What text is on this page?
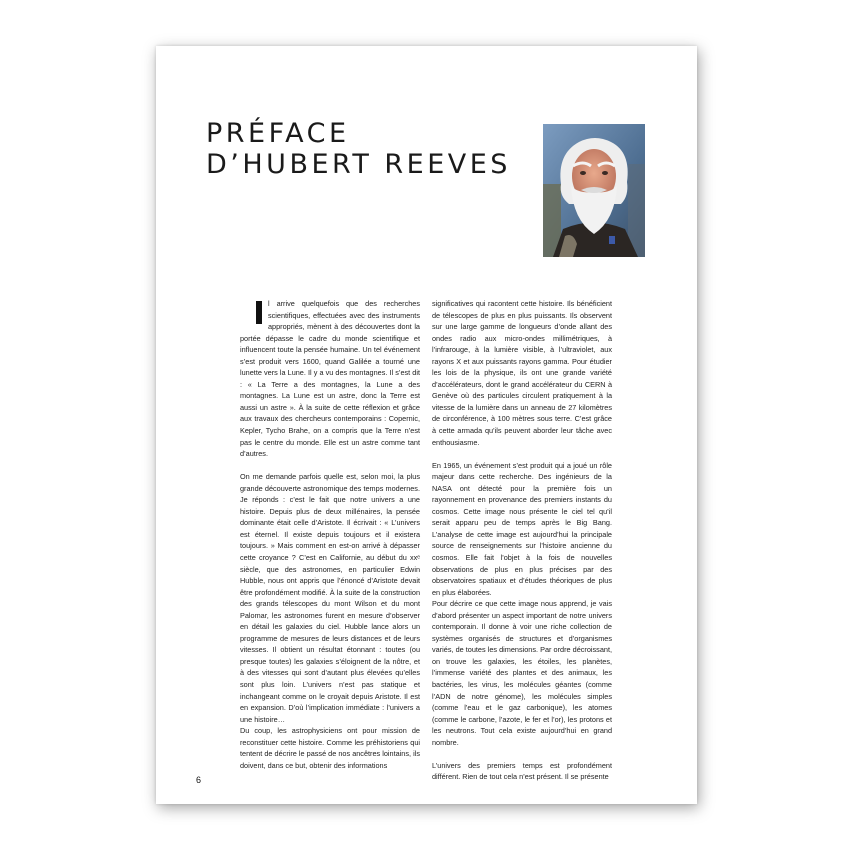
PRÉFACE
D’HUBERT REEVES

l arrive quelquefois que des recherches scientifiques, effectuées avec des instruments appropriés, mènent à des découvertes dont la portée dépasse le cadre du monde scientifique et influencent toute la pensée humaine. Un tel événement s’est produit vers 1600, quand Galilée a tourné une lunette vers la Lune. Il y a vu des montagnes. Il s’est dit : « La Terre a des montagnes, la Lune a des montagnes. La Lune est un astre, donc la Terre est aussi un astre ». À la suite de cette réflexion et grâce aux travaux des chercheurs contemporains : Copernic, Kepler, Tycho Brahe, on a compris que la Terre n’est pas le centre du monde. Elle est un astre comme tant d’autres.

On me demande parfois quelle est, selon moi, la plus grande découverte astronomique des temps modernes. Je réponds : c’est le fait que notre univers a une histoire. Depuis plus de deux millénaires, la pensée dominante était celle d’Aristote. Il écrivait : « L’univers est éternel. Il existe depuis toujours et il existera toujours. » Mais comment en est-on arrivé à dépasser cette croyance ? C’est en Californie, au début du xxᵉ siècle, que des astronomes, en particulier Edwin Hubble, nous ont appris que l’énoncé d’Aristote devait être profondément modifié. À la suite de la construction des grands télescopes du mont Wilson et du mont Palomar, les astronomes furent en mesure d’observer en détail les galaxies du ciel. Hubble lance alors un programme de mesures de leurs distances et de leurs vitesses. Il obtient un résultat étonnant : toutes (ou presque toutes) les galaxies s’éloignent de la nôtre, et à des vitesses qui sont d’autant plus élevées qu’elles sont plus loin. L’univers n’est pas statique et inchangeant comme on le croyait depuis Aristote. Il est en expansion. D’où l’implication immédiate : l’univers a une histoire…

Du coup, les astrophysiciens ont pour mission de reconstituer cette histoire. Comme les préhistoriens qui tentent de décrire le passé de nos ancêtres lointains, ils doivent, dans ce but, obtenir des informations

significatives qui racontent cette histoire. Ils bénéficient de télescopes de plus en plus puissants. Ils observent sur une large gamme de longueurs d’onde allant des ondes radio aux micro-ondes millimétriques, à l’infrarouge, à la lumière visible, à l’ultraviolet, aux rayons X et aux puissants rayons gamma. Pour étudier les lois de la physique, ils ont une grande variété d’accélérateurs, dont le grand accélérateur du CERN à Genève où des particules circulent pratiquement à la vitesse de la lumière dans un anneau de 27 kilomètres de circonférence, à 100 mètres sous terre. C’est grâce à cette armada qu’ils peuvent aborder leur tâche avec enthousiasme.

En 1965, un événement s’est produit qui a joué un rôle majeur dans cette recherche. Des ingénieurs de la NASA ont détecté pour la première fois un rayonnement en provenance des premiers instants du cosmos. Cette image nous présente le ciel tel qu’il serait apparu peu de temps après le Big Bang. L’analyse de cette image est aujourd’hui la principale source de renseignements sur l’histoire ancienne du cosmos. Elle fait l’objet à la fois de nouvelles observations de plus en plus précises par des observatoires spatiaux et d’études théoriques de plus en plus élaborées.

Pour décrire ce que cette image nous apprend, je vais d’abord présenter un aspect important de notre univers contemporain. Il donne à voir une riche collection de systèmes organisés de structures et d’organismes variés, de toutes les dimensions. Par ordre décroissant, on trouve les galaxies, les étoiles, les planètes, l’immense variété des plantes et des animaux, les bactéries, les virus, les molécules géantes (comme l’ADN de notre génome), les molécules simples (comme l’eau et le gaz carbonique), les atomes (comme le carbone, l’azote, le fer et l’or), les protons et les neutrons. Tout cela existe aujourd’hui en grand nombre.

L’univers des premiers temps est profondément différent. Rien de tout cela n’est présent. Il se présente

6
